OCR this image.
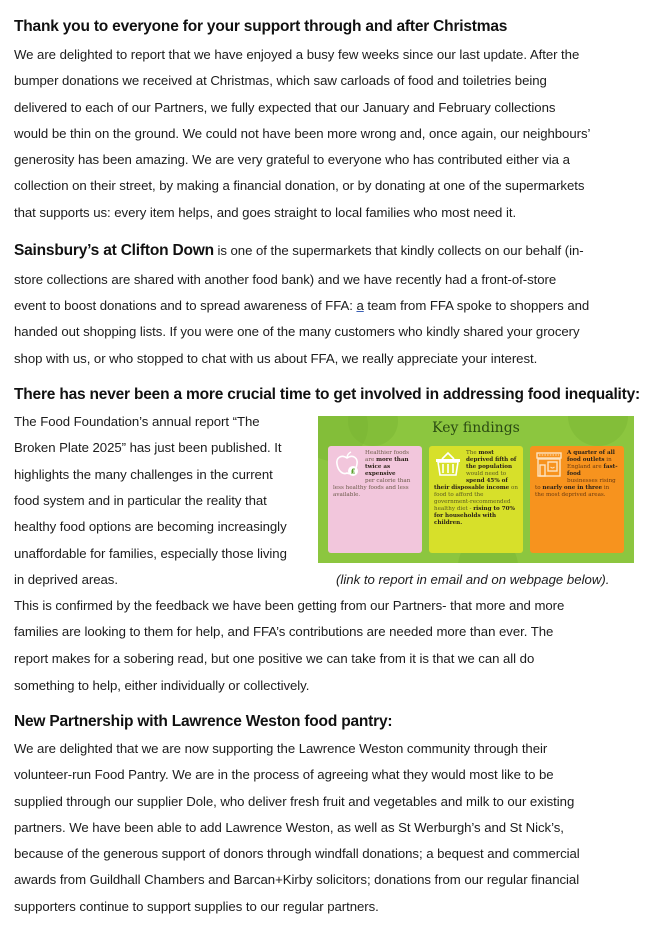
Thank you to everyone for your support through and after Christmas
We are delighted to report that we have enjoyed a busy few weeks since our last update. After the
bumper donations we received at Christmas, which saw carloads of food and toiletries being
delivered to each of our Partners, we fully expected that our January and February collections
would be thin on the ground. We could not have been more wrong and, once again, our neighbours’
generosity has been amazing. We are very grateful to everyone who has contributed either via a
collection on their street, by making a financial donation, or by donating at one of the supermarkets
that supports us: every item helps, and goes straight to local families who most need it.
Sainsbury’s at Clifton Down is one of the supermarkets that kindly collects on our behalf (in-
store collections are shared with another food bank) and we have recently had a front-of-store
event to boost donations and to spread awareness of FFA: a team from FFA spoke to shoppers and
handed out shopping lists. If you were one of the many customers who kindly shared your grocery
shop with us, or who stopped to chat with us about FFA, we really appreciate your interest.
There has never been a more crucial time to get involved in addressing food inequality:
The Food Foundation’s annual report “The
Broken Plate 2025” has just been published. It
highlights the many challenges in the current
food system and in particular the reality that
healthy food options are becoming increasingly
unaffordable for families, especially those living
in deprived areas.	(link to report in email and on webpage below).
This is confirmed by the feedback we have been getting from our Partners- that more and more
families are looking to them for help, and FFA’s contributions are needed more than ever. The
report makes for a sobering read, but one positive we can take from it is that we can all do
something to help, either individually or collectively.
New Partnership with Lawrence Weston food pantry:
We are delighted that we are now supporting the Lawrence Weston community through their
volunteer-run Food Pantry. We are in the process of agreeing what they would most like to be
supplied through our supplier Dole, who deliver fresh fruit and vegetables and milk to our existing
partners. We have been able to add Lawrence Weston, as well as St Werburgh’s and St Nick’s,
because of the generous support of donors through windfall donations; a bequest and commercial
awards from Guildhall Chambers and Barcan+Kirby solicitors; donations from our regular financial
supporters continue to support supplies to our regular partners.
Key findings
£
Healthier foods are more than twice as expensive
per calorie than less healthy foods and less available.
The most deprived fifth of the population
would need to spend 45% of their disposable income on food to afford the government-recommended healthy diet - rising to 70% for households with children.
A quarter of all food outlets in England are fast-food
businesses rising to nearly one in three in the most deprived areas.
